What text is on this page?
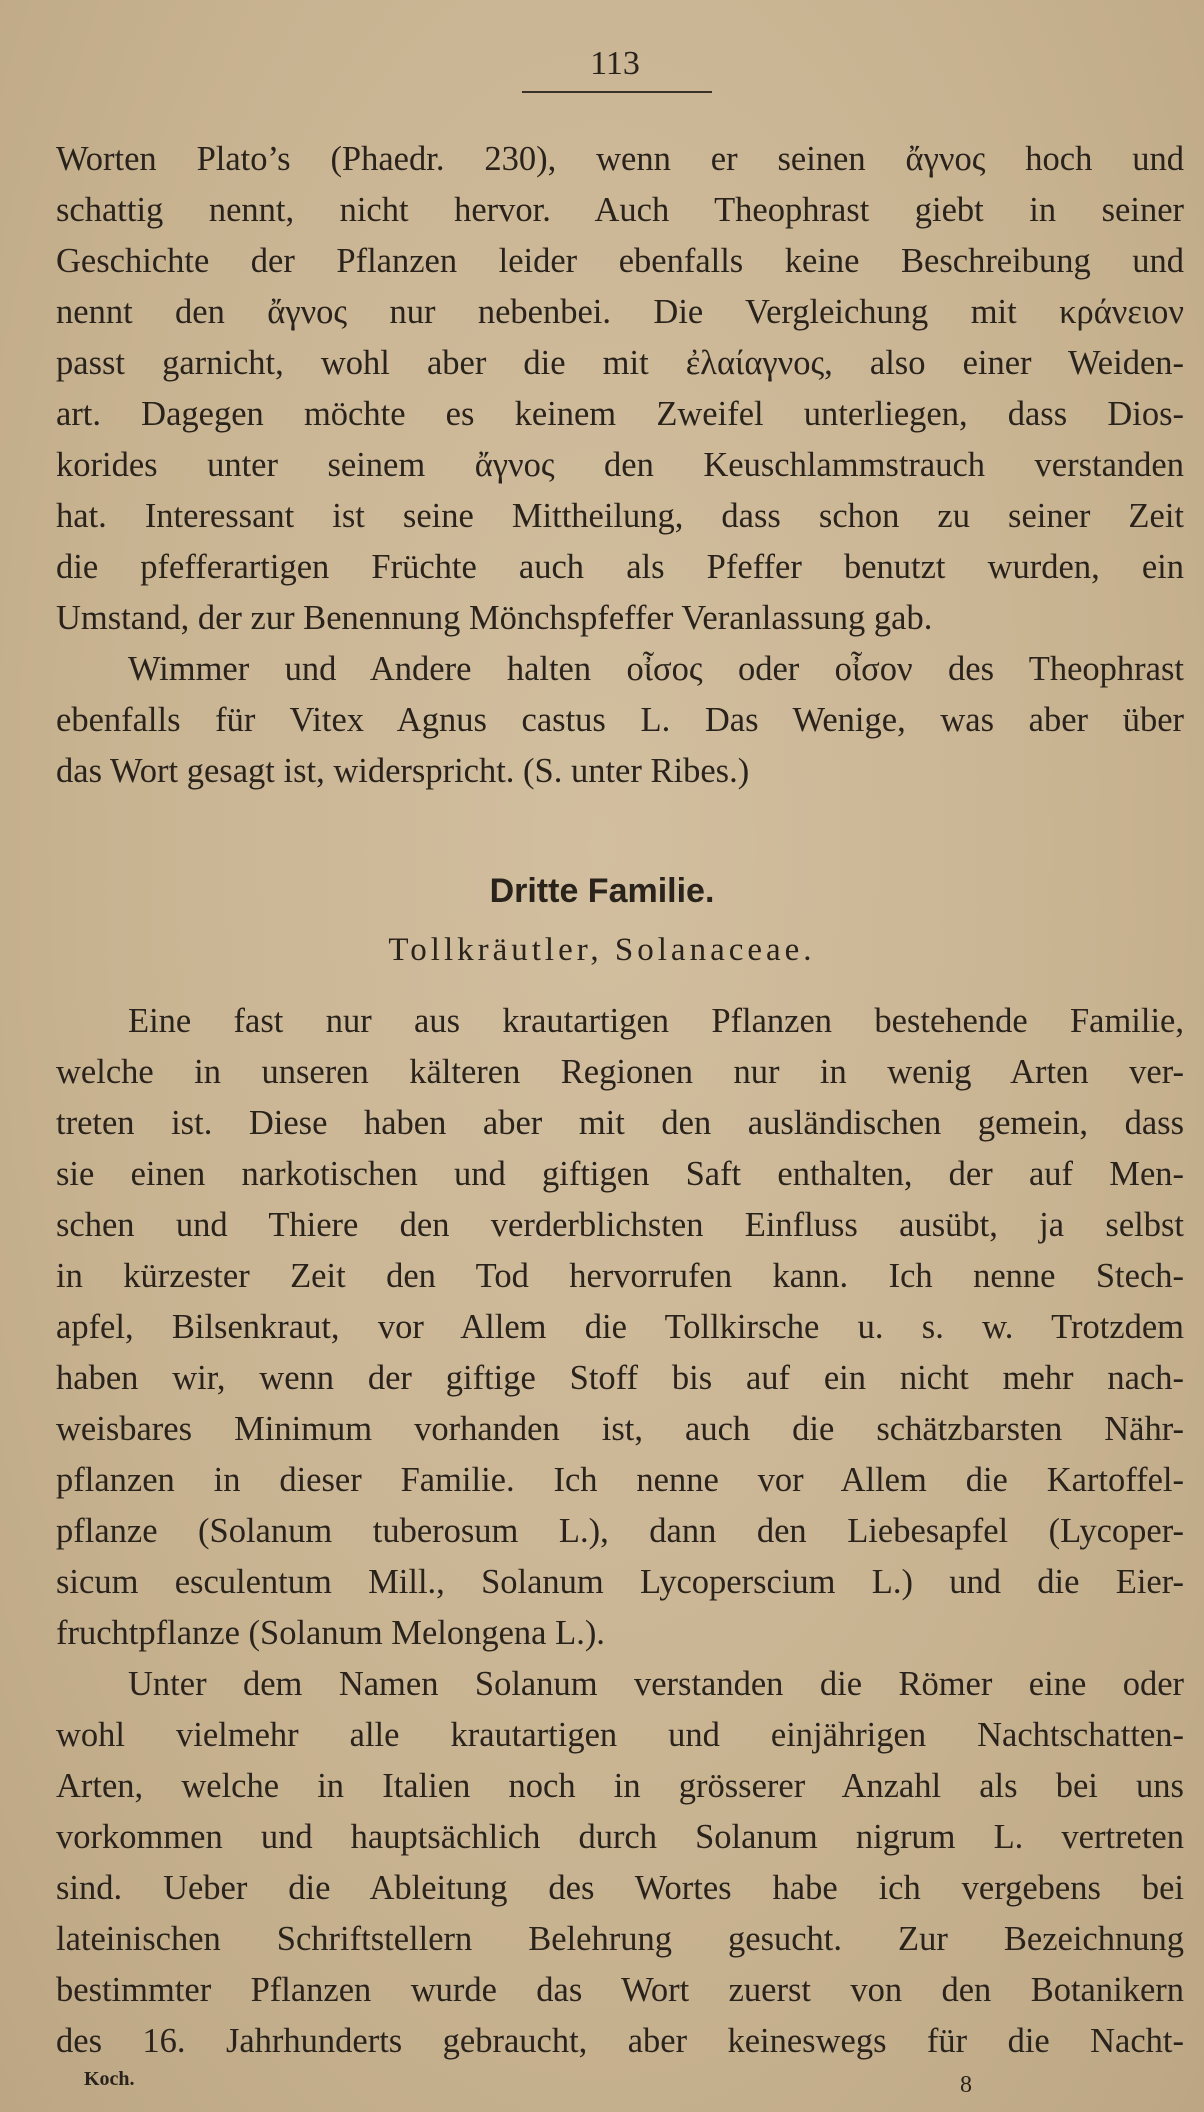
113
Worten Plato’s (Phaedr. 230), wenn er seinen ἄγνος hoch und
schattig nennt, nicht hervor. Auch Theophrast giebt in seiner
Geschichte der Pflanzen leider ebenfalls keine Beschreibung und
nennt den ἄγνος nur nebenbei. Die Vergleichung mit κράνειον
passt garnicht, wohl aber die mit ἐλαίαγνος, also einer Weiden-
art. Dagegen möchte es keinem Zweifel unterliegen, dass Dios-
korides unter seinem ἄγνος den Keuschlammstrauch verstanden
hat. Interessant ist seine Mittheilung, dass schon zu seiner Zeit
die pfefferartigen Früchte auch als Pfeffer benutzt wurden, ein
Umstand, der zur Benennung Mönchspfeffer Veranlassung gab.
Wimmer und Andere halten οἶσος oder οἶσον des Theophrast
ebenfalls für Vitex Agnus castus L. Das Wenige, was aber über
das Wort gesagt ist, widerspricht. (S. unter Ribes.)
Dritte Familie.
Tollkräutler, Solanaceae.
Eine fast nur aus krautartigen Pflanzen bestehende Familie,
welche in unseren kälteren Regionen nur in wenig Arten ver-
treten ist. Diese haben aber mit den ausländischen gemein, dass
sie einen narkotischen und giftigen Saft enthalten, der auf Men-
schen und Thiere den verderblichsten Einfluss ausübt, ja selbst
in kürzester Zeit den Tod hervorrufen kann. Ich nenne Stech-
apfel, Bilsenkraut, vor Allem die Tollkirsche u. s. w. Trotzdem
haben wir, wenn der giftige Stoff bis auf ein nicht mehr nach-
weisbares Minimum vorhanden ist, auch die schätzbarsten Nähr-
pflanzen in dieser Familie. Ich nenne vor Allem die Kartoffel-
pflanze (Solanum tuberosum L.), dann den Liebesapfel (Lycoper-
sicum esculentum Mill., Solanum Lycoperscium L.) und die Eier-
fruchtpflanze (Solanum Melongena L.).
Unter dem Namen Solanum verstanden die Römer eine oder
wohl vielmehr alle krautartigen und einjährigen Nachtschatten-
Arten, welche in Italien noch in grösserer Anzahl als bei uns
vorkommen und hauptsächlich durch Solanum nigrum L. vertreten
sind. Ueber die Ableitung des Wortes habe ich vergebens bei
lateinischen Schriftstellern Belehrung gesucht. Zur Bezeichnung
bestimmter Pflanzen wurde das Wort zuerst von den Botanikern
des 16. Jahrhunderts gebraucht, aber keineswegs für die Nacht-
Koch.	8
